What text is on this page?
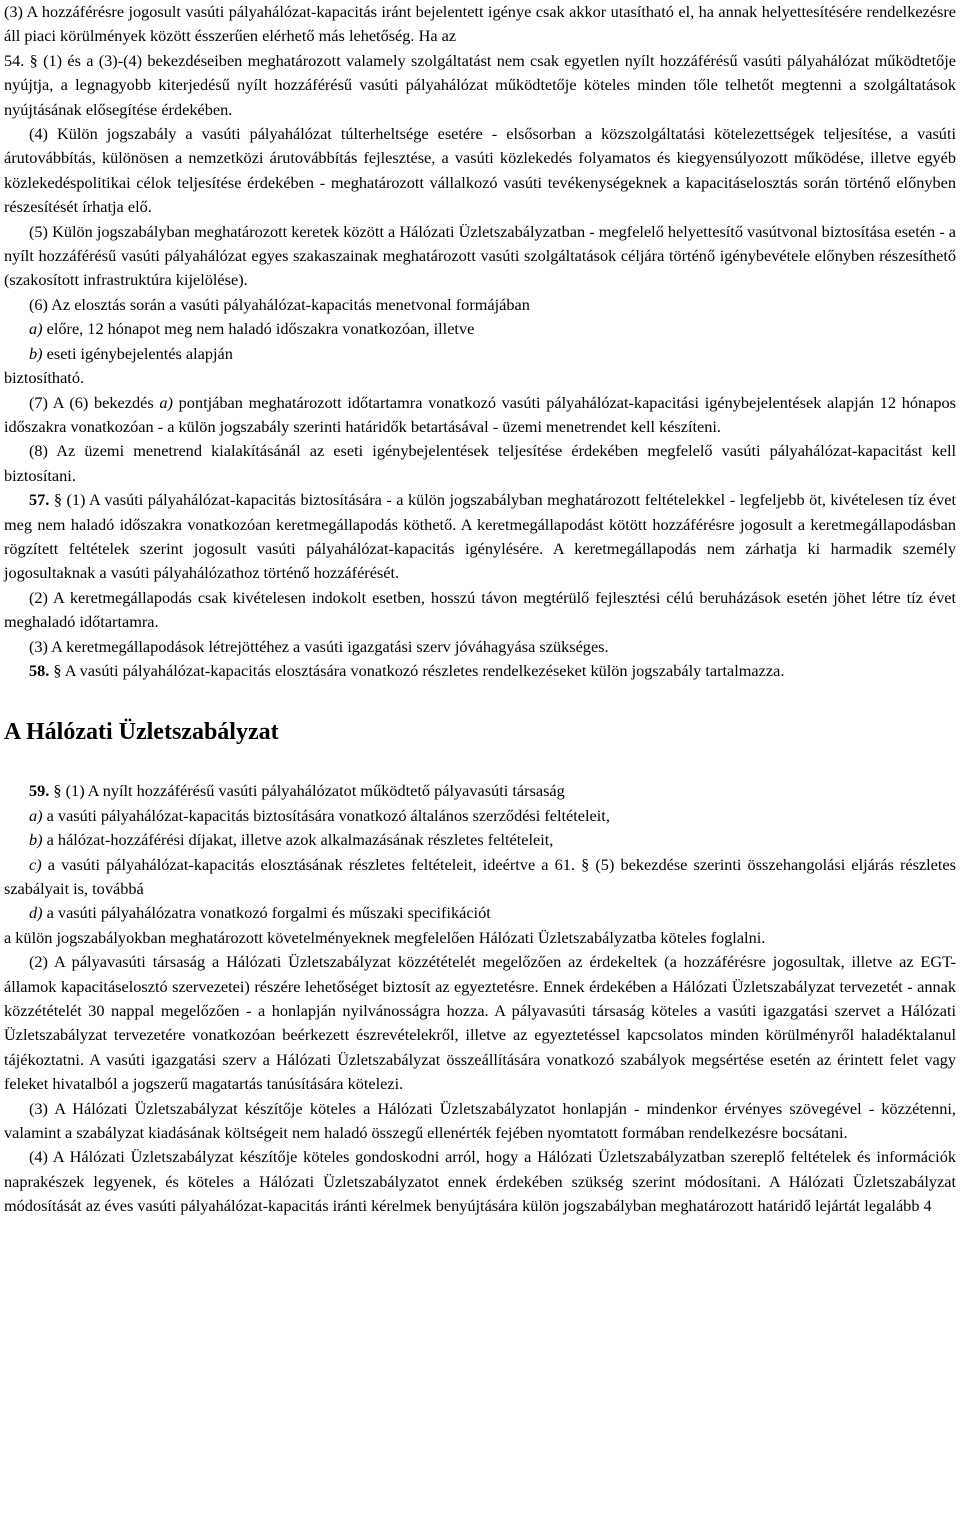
(3) A hozzáférésre jogosult vasúti pályahálózat-kapacitás iránt bejelentett igénye csak akkor utasítható el, ha annak helyettesítésére rendelkezésre áll piaci körülmények között ésszerűen elérhető más lehetőség. Ha az

54. § (1) és a (3)-(4) bekezdéseiben meghatározott valamely szolgáltatást nem csak egyetlen nyílt hozzáférésű vasúti pályahálózat működtetője nyújtja, a legnagyobb kiterjedésű nyílt hozzáférésű vasúti pályahálózat működtetője köteles minden tőle telhetőt megtenni a szolgáltatások nyújtásának elősegítése érdekében.

(4) Külön jogszabály a vasúti pályahálózat túlterheltsége esetére - elsősorban a közszolgáltatási kötelezettségek teljesítése, a vasúti árutovábbítás, különösen a nemzetközi árutovábbítás fejlesztése, a vasúti közlekedés folyamatos és kiegyensúlyozott működése, illetve egyéb közlekedéspolitikai célok teljesítése érdekében - meghatározott vállalkozó vasúti tevékenységeknek a kapacitáselosztás során történő előnyben részesítését írhatja elő.

(5) Külön jogszabályban meghatározott keretek között a Hálózati Üzletszabályzatban - megfelelő helyettesítő vasútvonal biztosítása esetén - a nyílt hozzáférésű vasúti pályahálózat egyes szakaszainak meghatározott vasúti szolgáltatások céljára történő igénybevétele előnyben részesíthető (szakosított infrastruktúra kijelölése).

(6) Az elosztás során a vasúti pályahálózat-kapacitás menetvonal formájában

a) előre, 12 hónapot meg nem haladó időszakra vonatkozóan, illetve

b) eseti igénybejelentés alapján

biztosítható.

(7) A (6) bekezdés a) pontjában meghatározott időtartamra vonatkozó vasúti pályahálózat-kapacitási igénybejelentések alapján 12 hónapos időszakra vonatkozóan - a külön jogszabály szerinti határidők betartásával - üzemi menetrendet kell készíteni.

(8) Az üzemi menetrend kialakításánál az eseti igénybejelentések teljesítése érdekében megfelelő vasúti pályahálózat-kapacitást kell biztosítani.

57. § (1) A vasúti pályahálózat-kapacitás biztosítására - a külön jogszabályban meghatározott feltételekkel - legfeljebb öt, kivételesen tíz évet meg nem haladó időszakra vonatkozóan keretmegállapodás köthető. A keretmegállapodást kötött hozzáférésre jogosult a keretmegállapodásban rögzített feltételek szerint jogosult vasúti pályahálózat-kapacitás igénylésére. A keretmegállapodás nem zárhatja ki harmadik személy jogosultaknak a vasúti pályahálózathoz történő hozzáférését.

(2) A keretmegállapodás csak kivételesen indokolt esetben, hosszú távon megtérülő fejlesztési célú beruházások esetén jöhet létre tíz évet meghaladó időtartamra.

(3) A keretmegállapodások létrejöttéhez a vasúti igazgatási szerv jóváhagyása szükséges.

58. § A vasúti pályahálózat-kapacitás elosztására vonatkozó részletes rendelkezéseket külön jogszabály tartalmazza.

A Hálózati Üzletszabályzat

59. § (1) A nyílt hozzáférésű vasúti pályahálózatot működtető pályavasúti társaság

a) a vasúti pályahálózat-kapacitás biztosítására vonatkozó általános szerződési feltételeit,

b) a hálózat-hozzáférési díjakat, illetve azok alkalmazásának részletes feltételeit,

c) a vasúti pályahálózat-kapacitás elosztásának részletes feltételeit, ideértve a 61. § (5) bekezdése szerinti összehangolási eljárás részletes szabályait is, továbbá

d) a vasúti pályahálózatra vonatkozó forgalmi és műszaki specifikációt

a külön jogszabályokban meghatározott követelményeknek megfelelően Hálózati Üzletszabályzatba köteles foglalni.

(2) A pályavasúti társaság a Hálózati Üzletszabályzat közzétételét megelőzően az érdekeltek (a hozzáférésre jogosultak, illetve az EGT-államok kapacitáselosztó szervezetei) részére lehetőséget biztosít az egyeztetésre. Ennek érdekében a Hálózati Üzletszabályzat tervezetét - annak közzétételét 30 nappal megelőzően - a honlapján nyilvánosságra hozza. A pályavasúti társaság köteles a vasúti igazgatási szervet a Hálózati Üzletszabályzat tervezetére vonatkozóan beérkezett észrevételekről, illetve az egyeztetéssel kapcsolatos minden körülményről haladéktalanul tájékoztatni. A vasúti igazgatási szerv a Hálózati Üzletszabályzat összeállítására vonatkozó szabályok megsértése esetén az érintett felet vagy feleket hivatalból a jogszerű magatartás tanúsítására kötelezi.

(3) A Hálózati Üzletszabályzat készítője köteles a Hálózati Üzletszabályzatot honlapján - mindenkor érvényes szövegével - közzétenni, valamint a szabályzat kiadásának költségeit nem haladó összegű ellenérték fejében nyomtatott formában rendelkezésre bocsátani.

(4) A Hálózati Üzletszabályzat készítője köteles gondoskodni arról, hogy a Hálózati Üzletszabályzatban szereplő feltételek és információk naprakészek legyenek, és köteles a Hálózati Üzletszabályzatot ennek érdekében szükség szerint módosítani. A Hálózati Üzletszabályzat módosítását az éves vasúti pályahálózat-kapacitás iránti kérelmek benyújtására külön jogszabályban meghatározott határidő lejártát legalább 4
